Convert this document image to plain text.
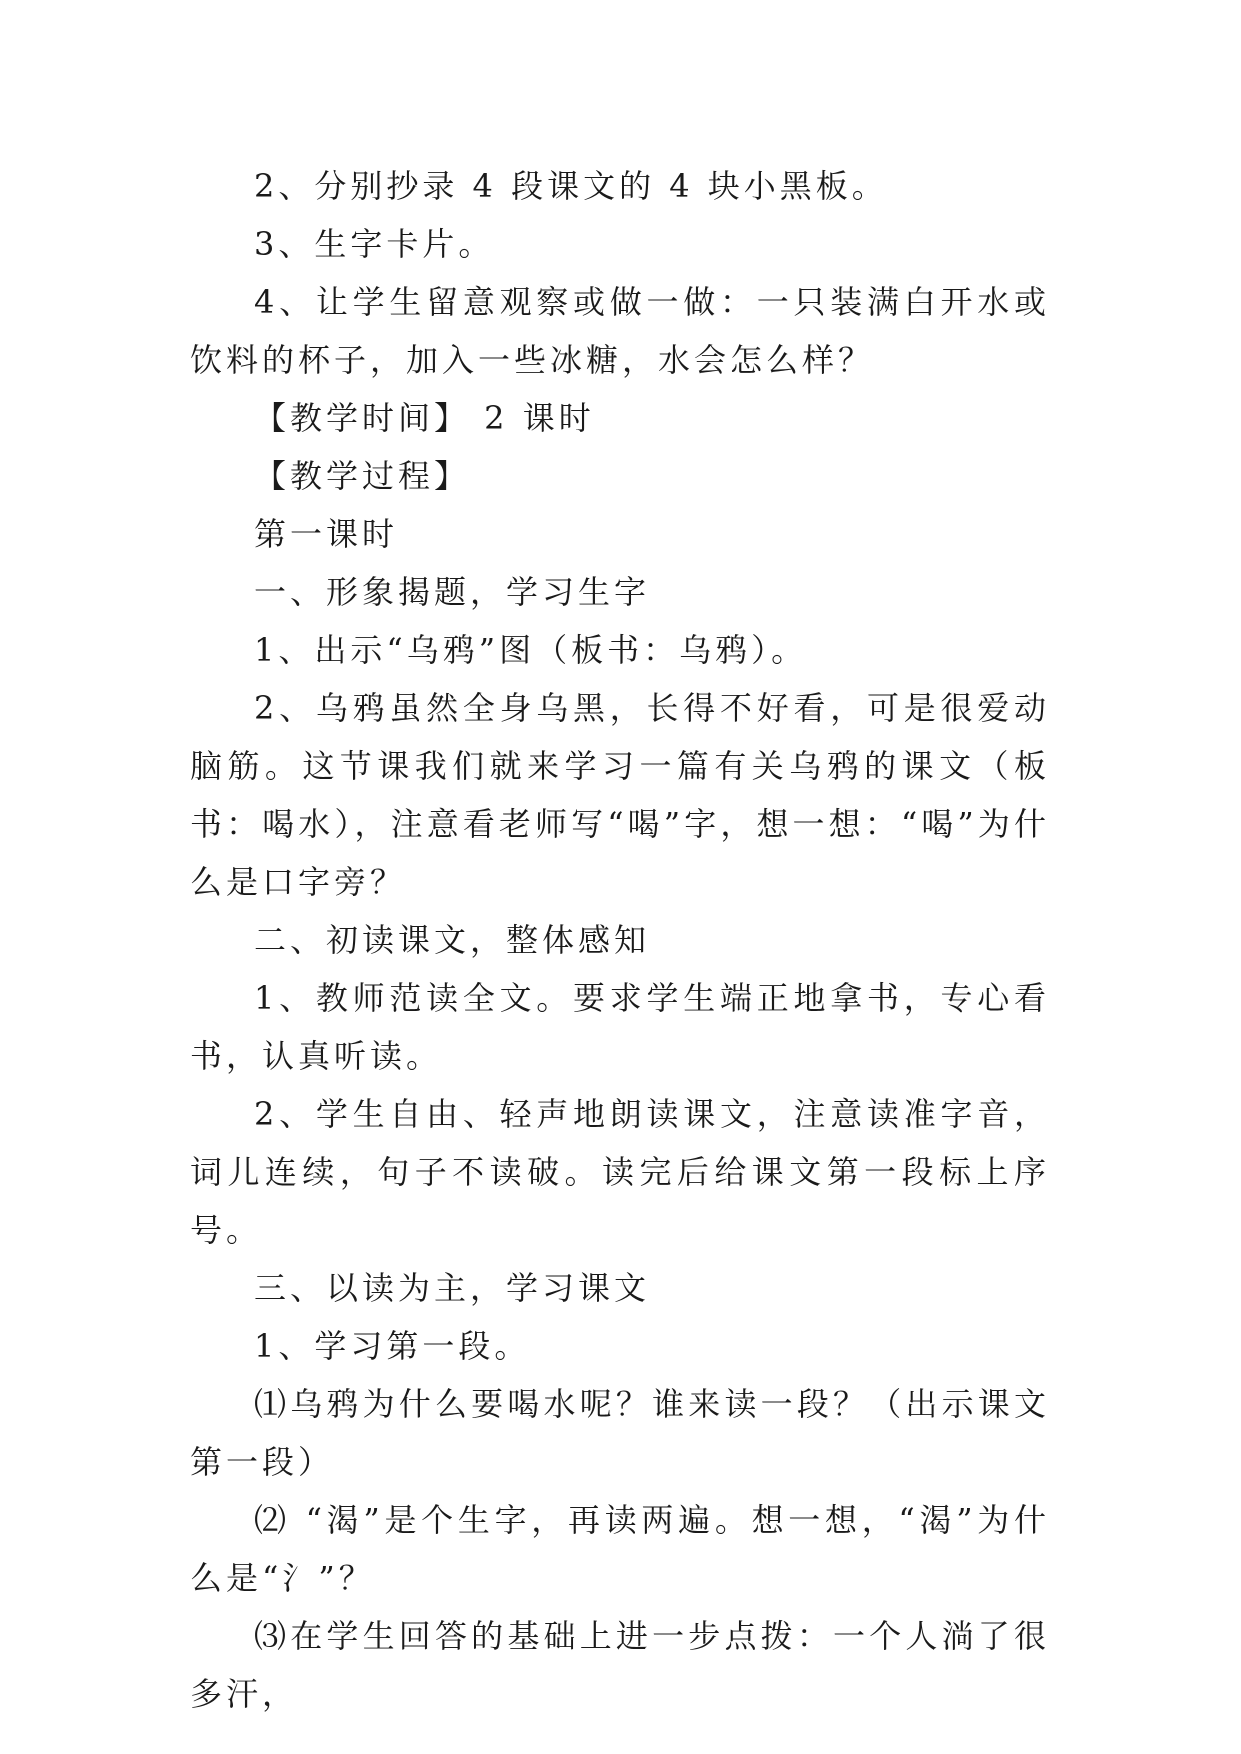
2、分别抄录 4 段课文的 4 块小黑板。

3、生字卡片。

4、让学生留意观察或做一做：一只装满白开水或饮料的杯子，加入一些冰糖，水会怎么样？

【教学时间】 2 课时

【教学过程】

第一课时

一、形象揭题，学习生字

1、出示“乌鸦”图（板书：乌鸦）。

2、乌鸦虽然全身乌黑，长得不好看，可是很爱动脑筋。这节课我们就来学习一篇有关乌鸦的课文（板书：喝水），注意看老师写“喝”字，想一想：“喝”为什么是口字旁？

二、初读课文，整体感知

1、教师范读全文。要求学生端正地拿书，专心看书，认真听读。

2、学生自由、轻声地朗读课文，注意读准字音，词儿连续，句子不读破。读完后给课文第一段标上序号。

三、以读为主，学习课文

1、学习第一段。

⑴乌鸦为什么要喝水呢？谁来读一段？（出示课文第一段）

⑵ “渴”是个生字，再读两遍。想一想，“渴”为什么是“氵”？

⑶在学生回答的基础上进一步点拨：一个人淌了很多汗，
